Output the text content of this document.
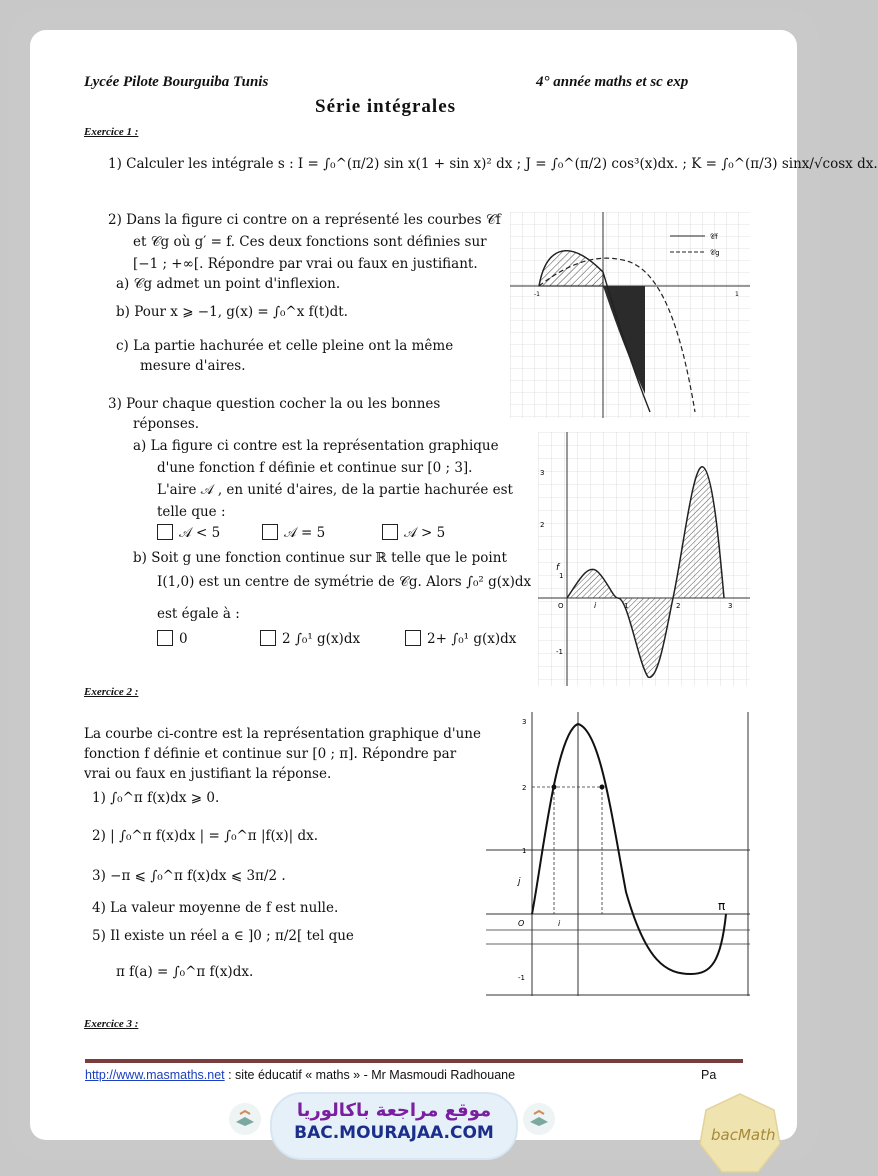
Lycée Pilote Bourguiba Tunis	4° année maths et sc exp
Série intégrales
Exercice 1 :
1) Calculer les intégrale s : I = ∫₀^(π/2) sin x(1 + sin x)² dx ; J = ∫₀^(π/2) cos³(x)dx. ; K = ∫₀^(π/3) sinx/√cosx dx.
2) Dans la figure ci contre on a représenté les courbes 𝒞f
et 𝒞g où g′ = f. Ces deux fonctions sont définies sur
[−1 ; +∞[. Répondre par vrai ou faux en justifiant.
a) 𝒞g admet un point d'inflexion.
b) Pour x ⩾ −1, g(x) = ∫₀^x f(t)dt.
c) La partie hachurée et celle pleine ont la même
mesure d'aires.
3) Pour chaque question cocher la ou les bonnes
réponses.
a) La figure ci contre est la représentation graphique
d'une fonction f définie et continue sur [0 ; 3].
L'aire 𝒜 , en unité d'aires, de la partie hachurée est
telle que :
𝒜 < 5	𝒜 = 5	𝒜 > 5
b) Soit g une fonction continue sur ℝ telle que le point
I(1,0) est un centre de symétrie de 𝒞g. Alors ∫₀² g(x)dx
est égale à :
0	2 ∫₀¹ g(x)dx	2+ ∫₀¹ g(x)dx
𝒞f
𝒞g
-1	1
3
2
1
-1
O	1	2	3
i
f
Exercice 2 :
La courbe ci-contre est la représentation graphique d'une
fonction f définie et continue sur [0 ; π]. Répondre par
vrai ou faux en justifiant la réponse.
1) ∫₀^π f(x)dx ⩾ 0.
2) | ∫₀^π f(x)dx | = ∫₀^π |f(x)| dx.
3) −π ⩽ ∫₀^π f(x)dx ⩽ 3π/2 .
4) La valeur moyenne de f est nulle.
5) Il existe un réel a ∈ ]0 ; π/2[ tel que
π f(a) = ∫₀^π f(x)dx.
3
2
1
-1
O	i
j
π
Exercice 3 :
http://www.masmaths.net : site éducatif « maths » - Mr Masmoudi Radhouane	Pa
موقع مراجعة باكالوريا
BAC.MOURAJAA.COM	bacMath
